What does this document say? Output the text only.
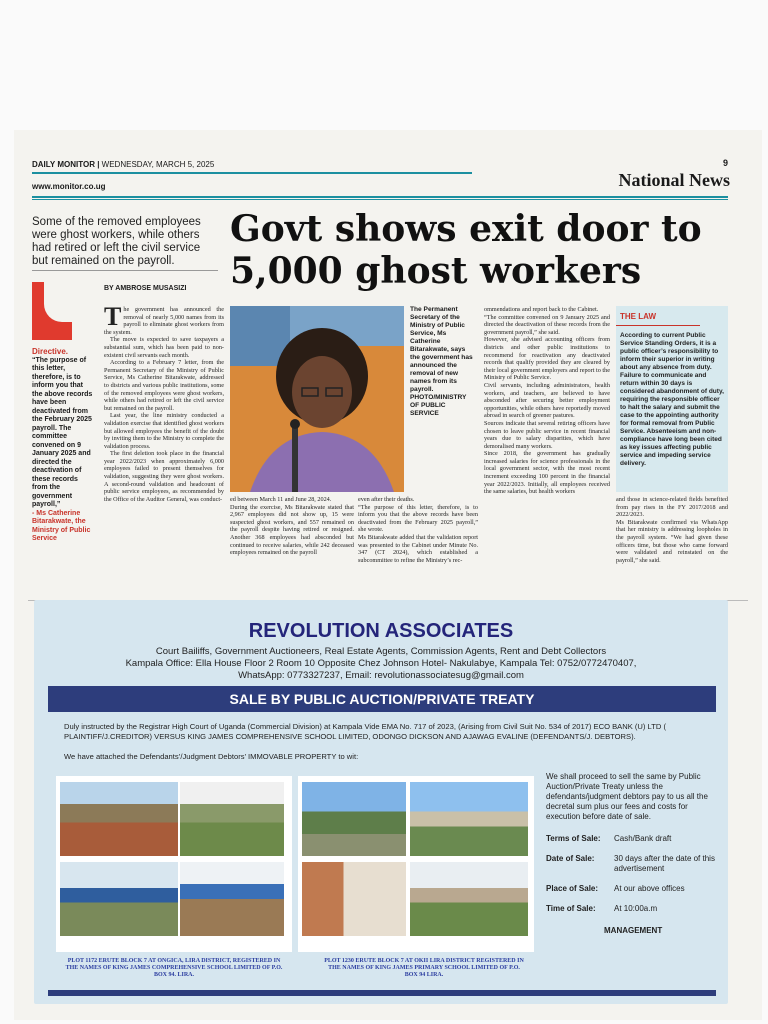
DAILY MONITOR | WEDNESDAY, MARCH 5, 2025	9
www.monitor.co.ug	National News
Some of the removed employees were ghost workers, while others had retired or left the civil service but remained on the payroll.
Govt shows exit door to 5,000 ghost workers
BY AMBROSE MUSASIZI
Directive.
“The purpose of this letter, therefore, is to inform you that the above records have been deactivated from the February 2025 payroll. The committee convened on 9 January 2025 and directed the deactivation of these records from the government payroll,”
- Ms Catherine Bitarakwate, the Ministry of Public Service
T he government has announced the removal of nearly 5,000 names from its payroll to eliminate ghost workers from the system.

The move is expected to save taxpayers a substantial sum, which has been paid to non-existent civil servants each month.

According to a February 7 letter, from the Permanent Secretary of the Ministry of Public Service, Ms Catherine Bitarakwate, addressed to districts and various public institutions, some of the removed employees were ghost workers, while others had retired or left the civil service but remained on the payroll.

Last year, the line ministry conducted a validation exercise that identified ghost workers but allowed employees the benefit of the doubt by inviting them to the Ministry to complete the validation process.

The first deletion took place in the financial year 2022/2023 when approximately 6,000 employees failed to present themselves for validation, suggesting they were ghost workers. A second-round validation and headcount of public service employees, as recommended by the Office of the Auditor General, was conduct-	ed between March 11 and June 28, 2024.
During the exercise, Ms Bitarakwate stated that 2,967 employees did not show up, 15 were suspected ghost workers, and 557 remained on the payroll despite having retired or resigned. Another 368 employees had absconded but continued to receive salaries, while 242 deceased employees remained on the payroll
The Permanent Secretary of the Ministry of Public Service, Ms Catherine Bitarakwate, says the government has announced the removal of new names from its payroll. PHOTO/MINISTRY OF PUBLIC SERVICE
even after their deaths.
“The purpose of this letter, therefore, is to inform you that the above records have been deactivated from the February 2025 payroll,” she wrote.
Ms Bitarakwate added that the validation report was presented to the Cabinet under Minute No. 347 (CT 2024), which established a subcommittee to refine the Ministry’s rec-
ommendations and report back to the Cabinet.
“The committee convened on 9 January 2025 and directed the deactivation of these records from the government payroll,” she said.
However, she advised accounting officers from districts and other public institutions to recommend for reactivation any deactivated records that qualify provided they are cleared by their local government employers and report to the Ministry of Public Service.
Civil servants, including administrators, health workers, and teachers, are believed to have absconded after securing better employment opportunities, while others have reportedly moved abroad in search of greener pastures.
Sources indicate that several retiring officers have chosen to leave public service in recent financial years due to salary disparities, which have demoralised many workers.
Since 2018, the government has gradually increased salaries for science professionals in the local government sector, with the most recent increment exceeding 100 percent in the financial year 2022/2023. Initially, all employees received the same salaries, but health workers
THE LAW
According to current Public Service Standing Orders, it is a public officer’s responsibility to inform their superior in writing about any absence from duty. Failure to communicate and return within 30 days is considered abandonment of duty, requiring the responsible officer to halt the salary and submit the case to the appointing authority for formal removal from Public Service. Absenteeism and non-compliance have long been cited as key issues affecting public service and impeding service delivery.
and those in science-related fields benefited from pay rises in the FY 2017/2018 and 2022/2023.
Ms Bitarakwate confirmed via WhatsApp that her ministry is addressing loopholes in the payroll system. “We had given these officers time, but those who came forward were validated and reinstated on the payroll,” she said.
REVOLUTION ASSOCIATES
Court Bailiffs, Government Auctioneers, Real Estate Agents, Commission Agents, Rent and Debt Collectors
Kampala Office: Ella House Floor 2 Room 10 Opposite Chez Johnson Hotel- Nakulabye, Kampala Tel: 0752/0772470407,
WhatsApp: 0773327237, Email: revolutionassociatesug@gmail.com
SALE BY PUBLIC AUCTION/PRIVATE TREATY
Duly instructed by the Registrar High Court of Uganda (Commercial Division) at Kampala Vide EMA No. 717 of 2023, (Arising from Civil Suit No. 534 of 2017) ECO BANK (U) LTD ( PLAINTIFF/J.CREDITOR) VERSUS KING JAMES COMPREHENSIVE SCHOOL LIMITED, ODONGO DICKSON AND AJAWAG EVALINE (DEFENDANTS/J. DEBTORS).
We have attached the Defendants’/Judgment Debtors’ IMMOVABLE PROPERTY to wit:
PLOT 1172 ERUTE BLOCK 7 AT ONGICA, LIRA DISTRICT, REGISTERED IN THE NAMES OF KING JAMES COMPREHENSIVE SCHOOL LIMITED OF P.O. BOX 94. LIRA.
PLOT 1230 ERUTE BLOCK 7 AT OKII LIRA DISTRICT REGISTERED IN THE NAMES OF KING JAMES PRIMARY SCHOOL LIMITED OF P.O. BOX 94 LIRA.
We shall proceed to sell the same by Public Auction/Private Treaty unless the defendants/judgment debtors pay to us all the decretal sum plus our fees and costs for execution before date of sale.
Terms of Sale: Cash/Bank draft
Date of Sale: 30 days after the date of this advertisement
Place of Sale: At our above offices
Time of Sale: At 10:00a.m
MANAGEMENT
